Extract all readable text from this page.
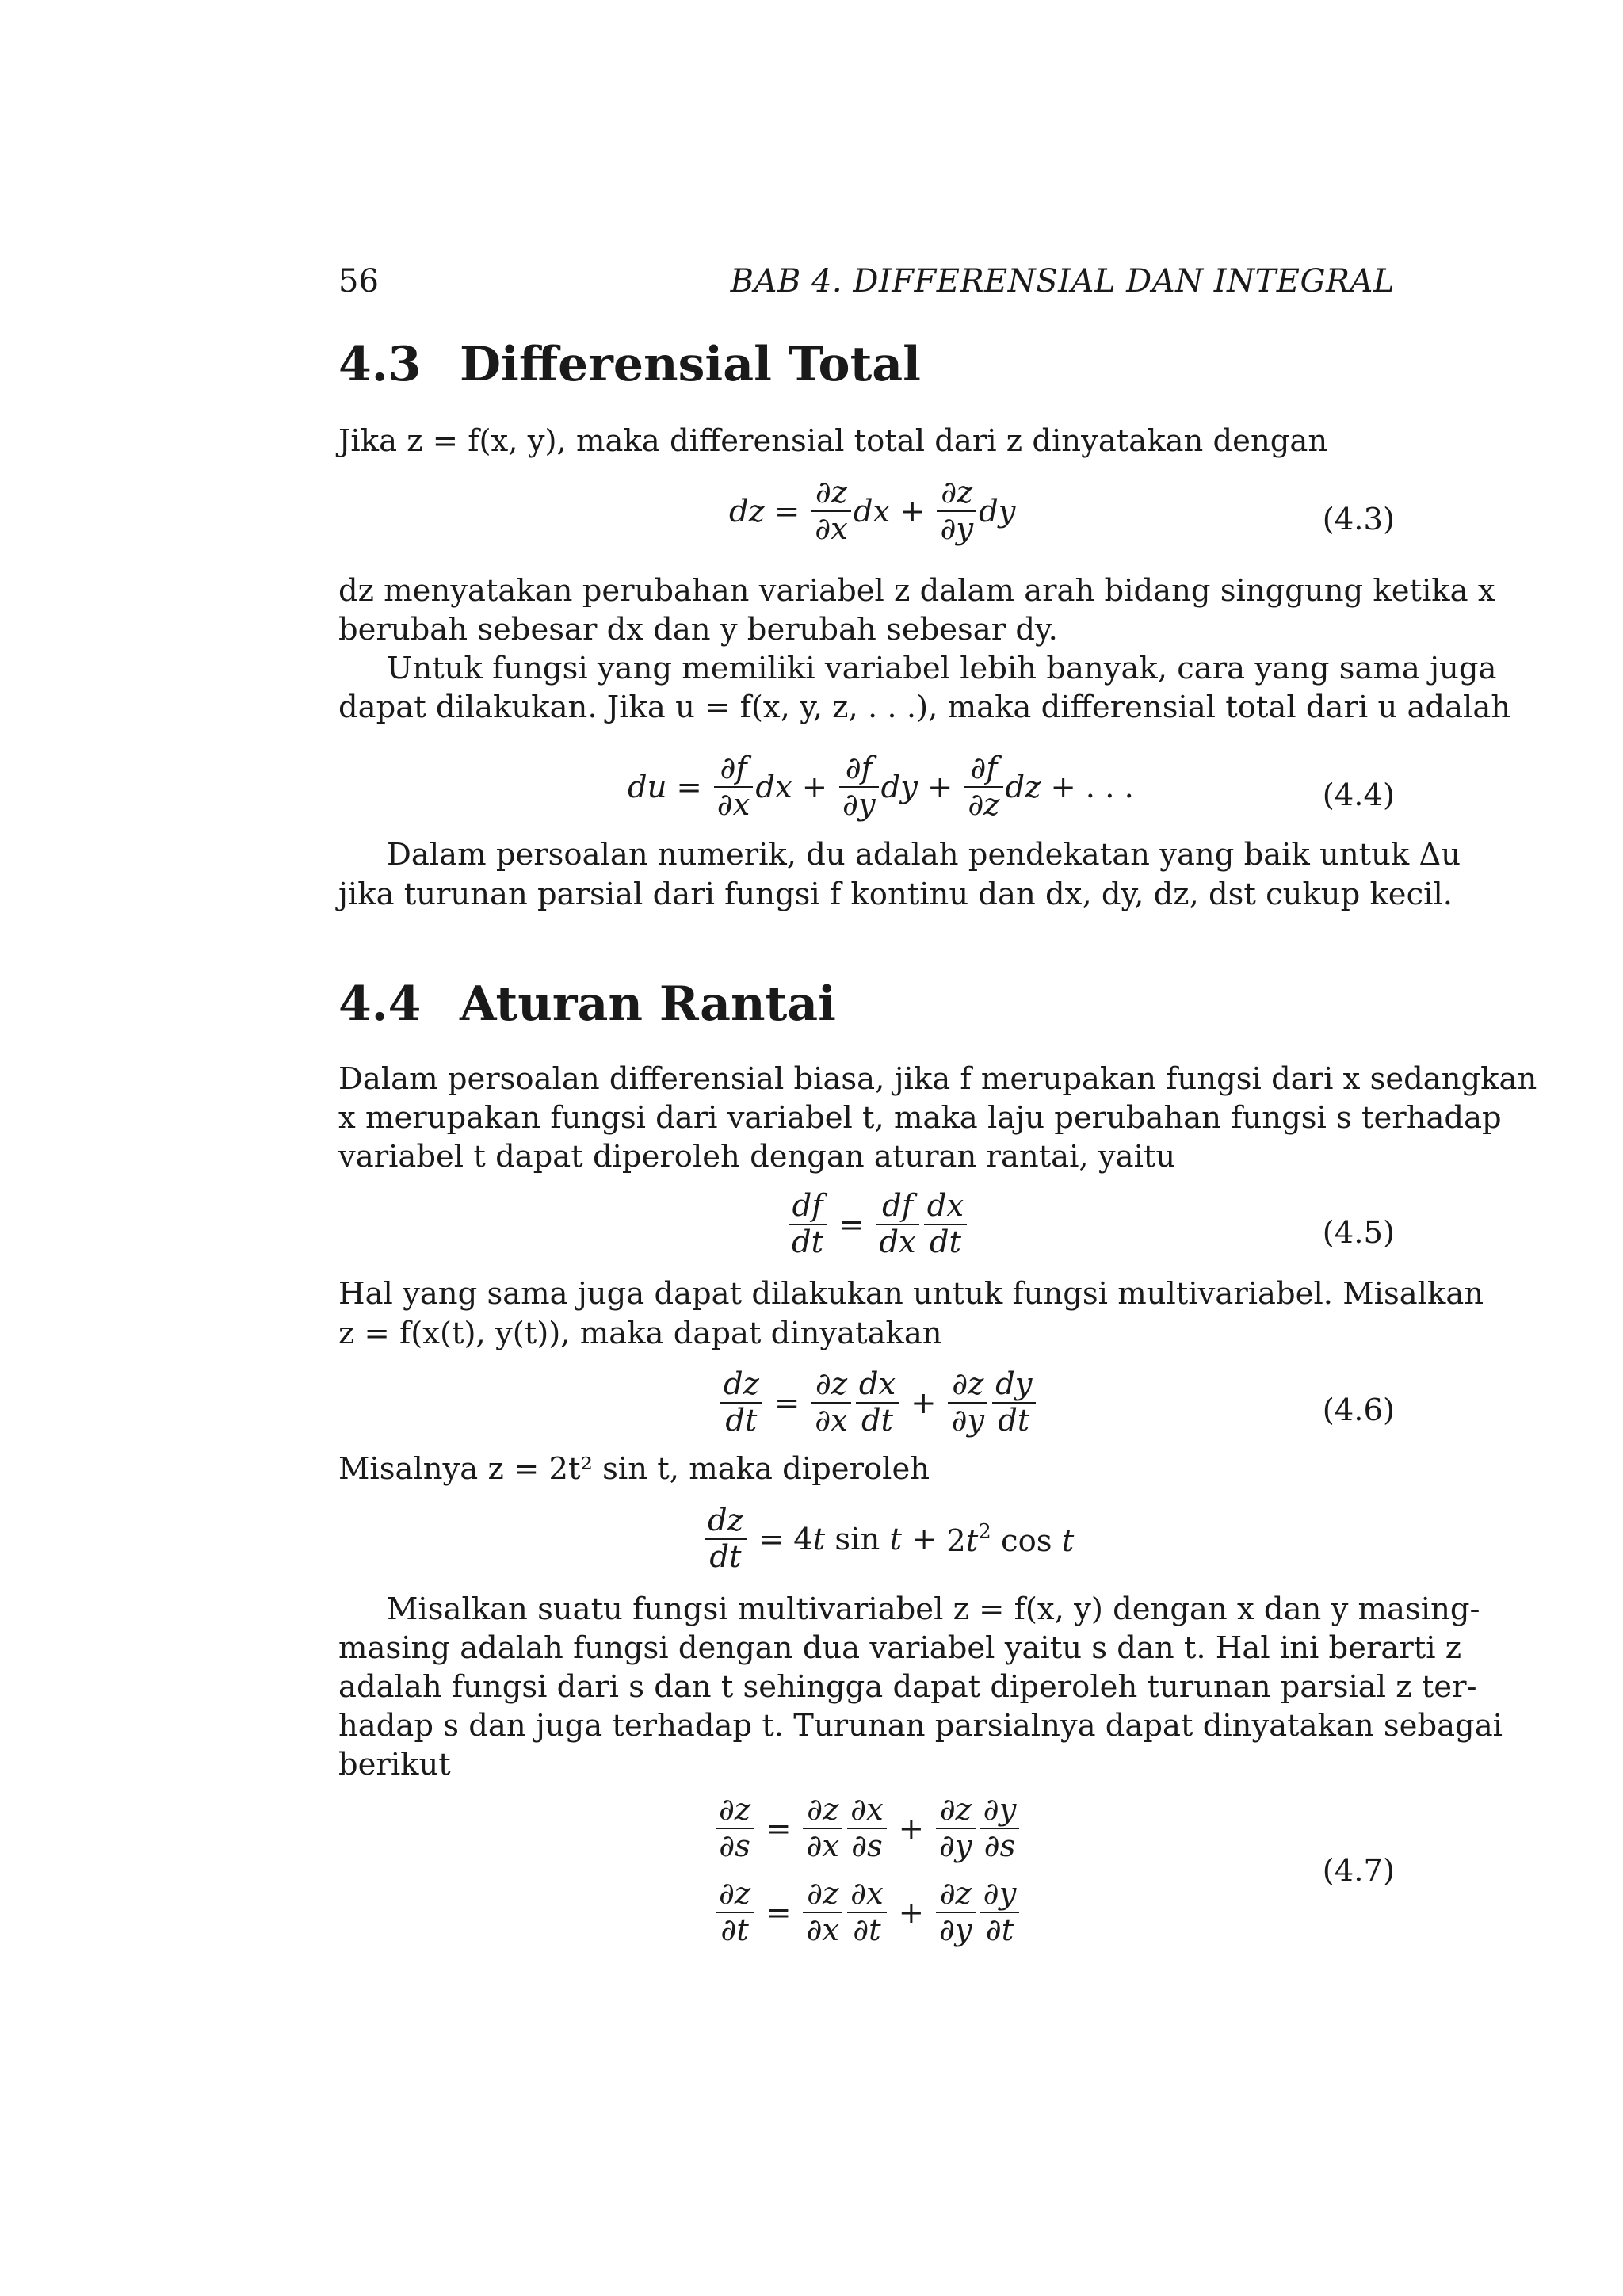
56	BAB 4. DIFFERENSIAL DAN INTEGRAL
4.3 Differensial Total
Jika z = f(x, y), maka differensial total dari z dinyatakan dengan
dz = $\frac{\partial z}{\partial x}$ dx + $\frac{\partial z}{\partial y}$ dy	(4.3)
dz menyatakan perubahan variabel z dalam arah bidang singgung ketika x
berubah sebesar dx dan y berubah sebesar dy.
Untuk fungsi yang memiliki variabel lebih banyak, cara yang sama juga
dapat dilakukan. Jika u = f(x, y, z, . . .), maka differensial total dari u adalah
du = $\frac{\partial f}{\partial x}$ dx + $\frac{\partial f}{\partial y}$ dy + $\frac{\partial f}{\partial z}$ dz + . . .	(4.4)
Dalam persoalan numerik, du adalah pendekatan yang baik untuk Δu
jika turunan parsial dari fungsi f kontinu dan dx, dy, dz, dst cukup kecil.
4.4 Aturan Rantai
Dalam persoalan differensial biasa, jika f merupakan fungsi dari x sedangkan
x merupakan fungsi dari variabel t, maka laju perubahan fungsi s terhadap
variabel t dapat diperoleh dengan aturan rantai, yaitu
$\frac{df}{dt} = \frac{df}{dx} \frac{dx}{dt}$	(4.5)
Hal yang sama juga dapat dilakukan untuk fungsi multivariabel. Misalkan
z = f(x(t), y(t)), maka dapat dinyatakan
$\frac{dz}{dt} = \frac{\partial z}{\partial x} \frac{dx}{dt} + \frac{\partial z}{\partial y} \frac{dy}{dt}$	(4.6)
Misalnya z = 2t² sin t, maka diperoleh
$\frac{dz}{dt} = 4t$ $\sin t + 2t^2$ cos t
Misalkan suatu fungsi multivariabel z = f(x, y) dengan x dan y masing-
masing adalah fungsi dengan dua variabel yaitu s dan t. Hal ini berarti z
adalah fungsi dari s dan t sehingga dapat diperoleh turunan parsial z ter-
hadap s dan juga terhadap t. Turunan parsialnya dapat dinyatakan sebagai
berikut
$\frac{\partial z}{\partial s} = \frac{\partial z}{\partial x} \frac{\partial x}{\partial s} + \frac{\partial z}{\partial y} \frac{\partial y}{\partial s}$
$\frac{\partial z}{\partial t} = \frac{\partial z}{\partial x} \frac{\partial x}{\partial t} + \frac{\partial z}{\partial y} \frac{\partial y}{\partial t}$
(4.7)
